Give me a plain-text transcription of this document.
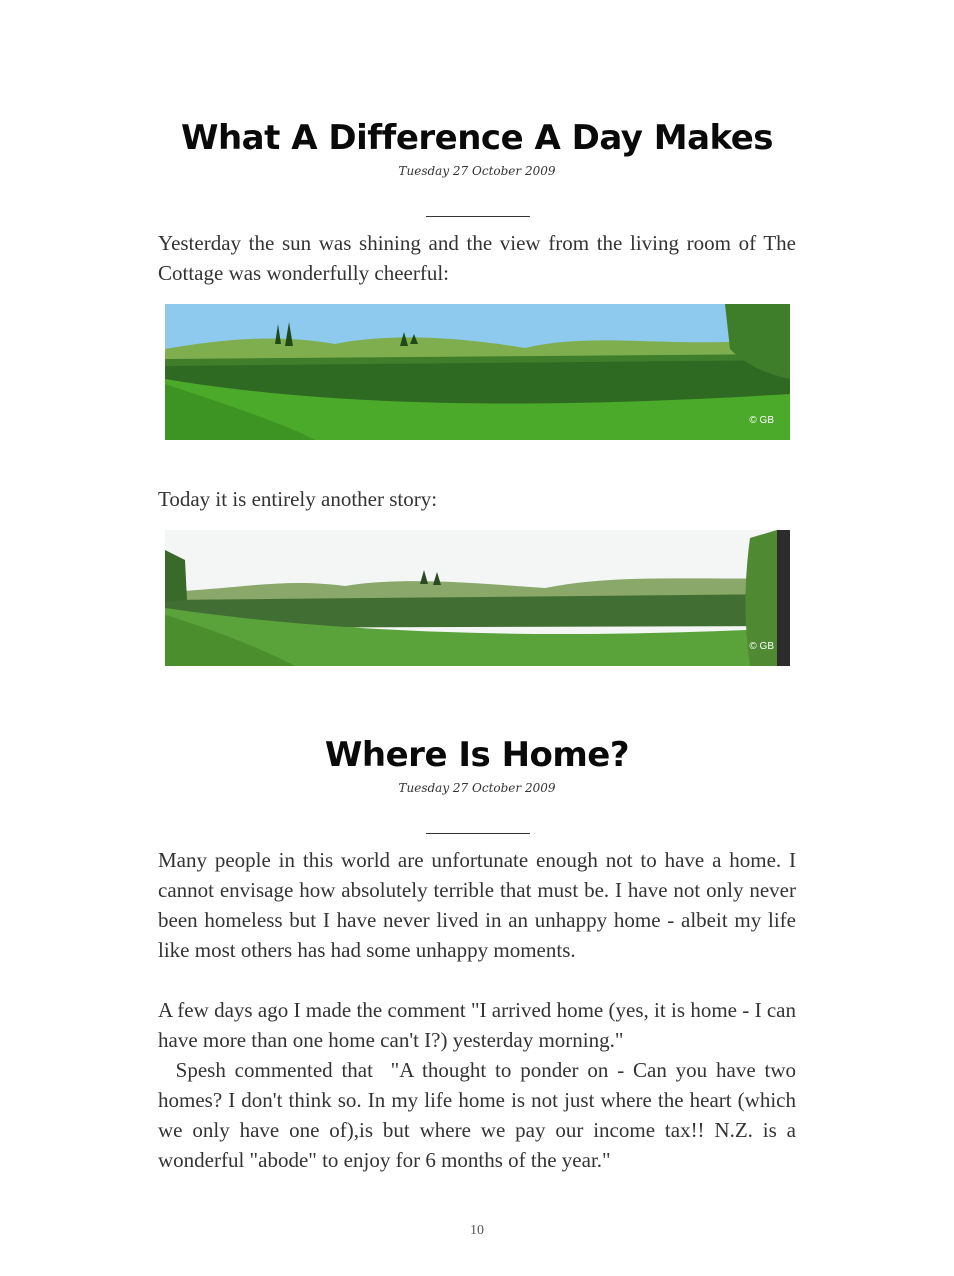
What A Difference A Day Makes
Tuesday 27 October 2009

Yesterday the sun was shining and the view from the living room of The Cottage was wonderfully cheerful:

© GB

Today it is entirely another story:

© GB
Where Is Home?
Tuesday 27 October 2009

Many people in this world are unfortunate enough not to have a home. I cannot envisage how absolutely terrible that must be. I have not only never been homeless but I have never lived in an unhappy home - albeit my life like most others has had some unhappy moments.

A few days ago I made the comment "I arrived home (yes, it is home - I can have more than one home can't I?) yesterday morning."

Spesh commented that  "A thought to ponder on - Can you have two homes? I don't think so. In my life home is not just where the heart (which we only have one of),is but where we pay our income tax!! N.Z. is a wonderful "abode" to enjoy for 6 months of the year."

10
